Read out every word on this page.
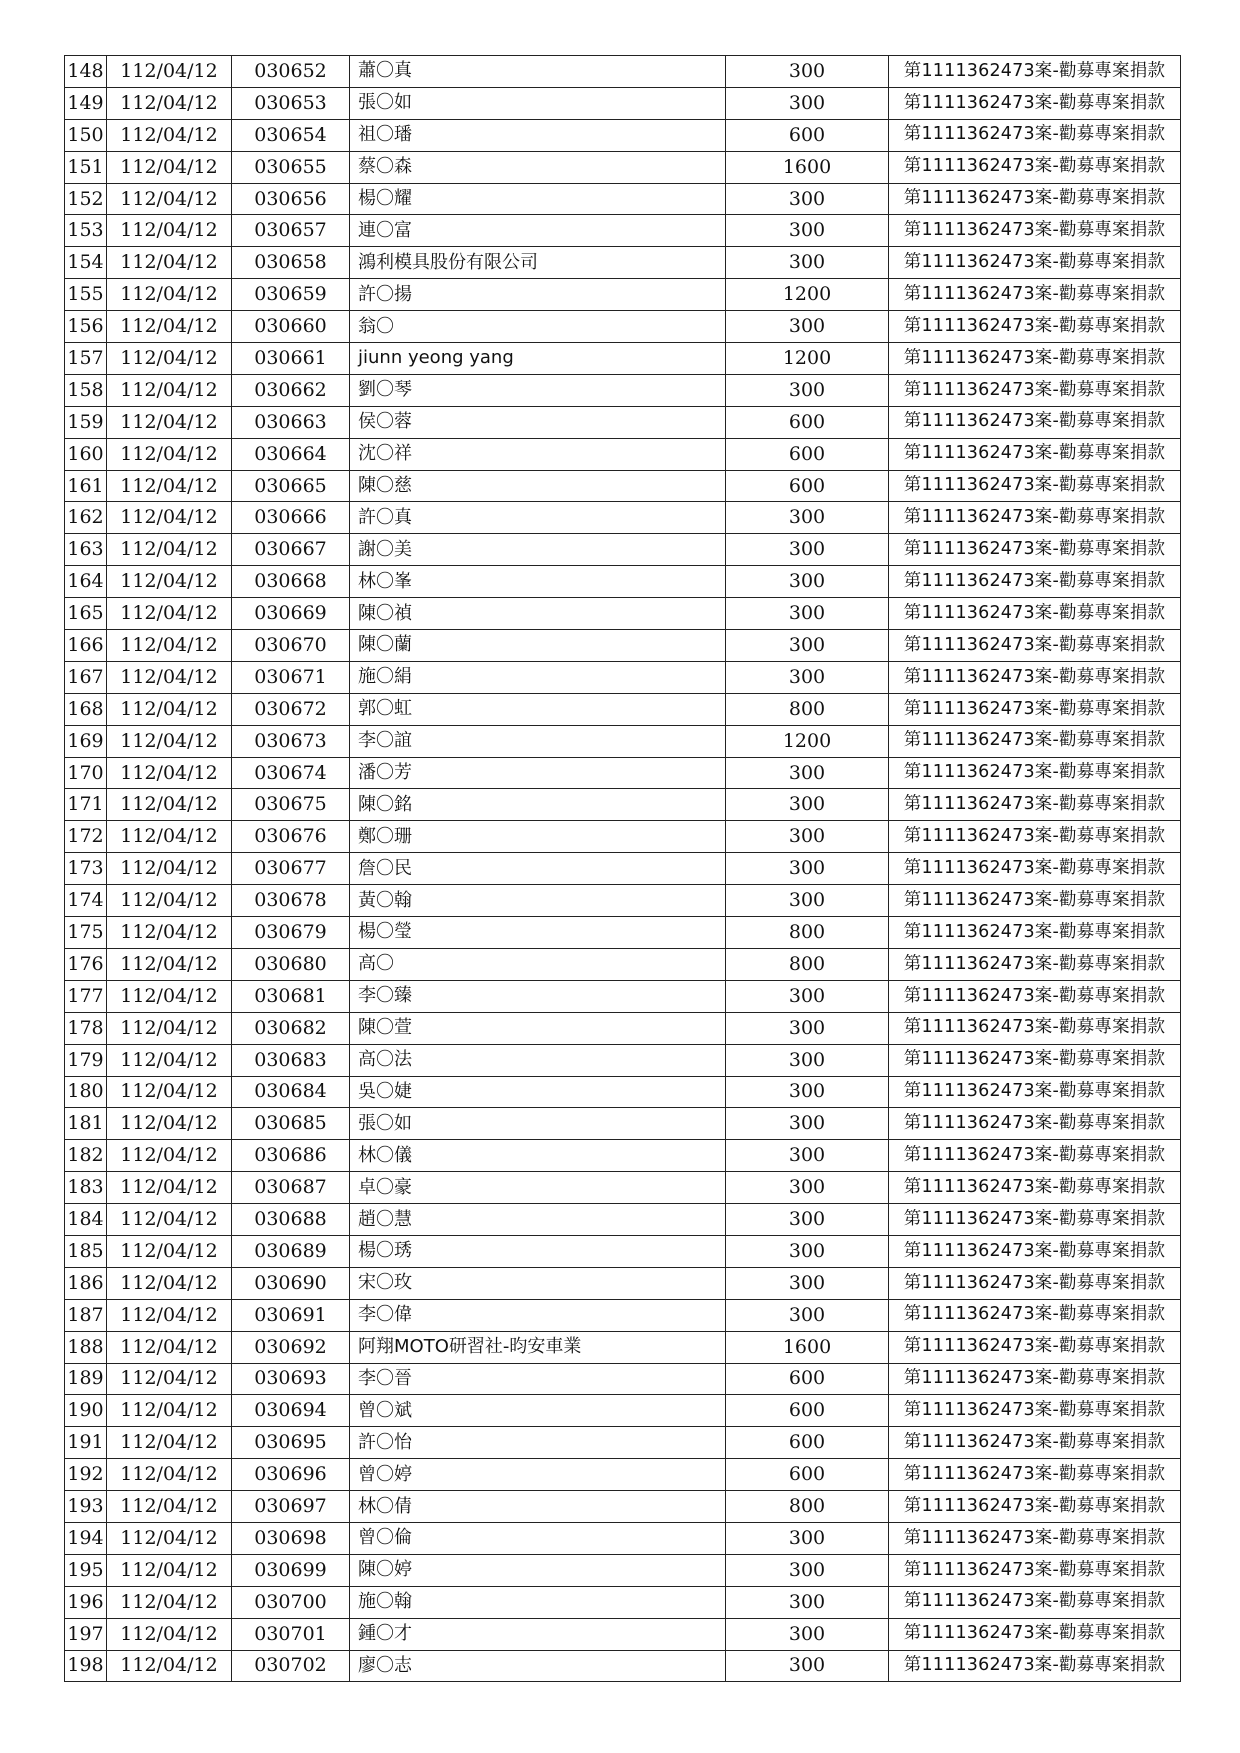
148	112/04/12	030652	蕭〇真	300	第1111362473案-勸募專案捐款
149	112/04/12	030653	張〇如	300	第1111362473案-勸募專案捐款
150	112/04/12	030654	祖〇璠	600	第1111362473案-勸募專案捐款
151	112/04/12	030655	蔡〇森	1600	第1111362473案-勸募專案捐款
152	112/04/12	030656	楊〇耀	300	第1111362473案-勸募專案捐款
153	112/04/12	030657	連〇富	300	第1111362473案-勸募專案捐款
154	112/04/12	030658	鴻利模具股份有限公司	300	第1111362473案-勸募專案捐款
155	112/04/12	030659	許〇揚	1200	第1111362473案-勸募專案捐款
156	112/04/12	030660	翁〇	300	第1111362473案-勸募專案捐款
157	112/04/12	030661	jiunn yeong yang	1200	第1111362473案-勸募專案捐款
158	112/04/12	030662	劉〇琴	300	第1111362473案-勸募專案捐款
159	112/04/12	030663	侯〇蓉	600	第1111362473案-勸募專案捐款
160	112/04/12	030664	沈〇祥	600	第1111362473案-勸募專案捐款
161	112/04/12	030665	陳〇慈	600	第1111362473案-勸募專案捐款
162	112/04/12	030666	許〇真	300	第1111362473案-勸募專案捐款
163	112/04/12	030667	謝〇美	300	第1111362473案-勸募專案捐款
164	112/04/12	030668	林〇峯	300	第1111362473案-勸募專案捐款
165	112/04/12	030669	陳〇禎	300	第1111362473案-勸募專案捐款
166	112/04/12	030670	陳〇蘭	300	第1111362473案-勸募專案捐款
167	112/04/12	030671	施〇絹	300	第1111362473案-勸募專案捐款
168	112/04/12	030672	郭〇虹	800	第1111362473案-勸募專案捐款
169	112/04/12	030673	李〇誼	1200	第1111362473案-勸募專案捐款
170	112/04/12	030674	潘〇芳	300	第1111362473案-勸募專案捐款
171	112/04/12	030675	陳〇銘	300	第1111362473案-勸募專案捐款
172	112/04/12	030676	鄭〇珊	300	第1111362473案-勸募專案捐款
173	112/04/12	030677	詹〇民	300	第1111362473案-勸募專案捐款
174	112/04/12	030678	黃〇翰	300	第1111362473案-勸募專案捐款
175	112/04/12	030679	楊〇瑩	800	第1111362473案-勸募專案捐款
176	112/04/12	030680	高〇	800	第1111362473案-勸募專案捐款
177	112/04/12	030681	李〇臻	300	第1111362473案-勸募專案捐款
178	112/04/12	030682	陳〇萱	300	第1111362473案-勸募專案捐款
179	112/04/12	030683	高〇法	300	第1111362473案-勸募專案捐款
180	112/04/12	030684	吳〇婕	300	第1111362473案-勸募專案捐款
181	112/04/12	030685	張〇如	300	第1111362473案-勸募專案捐款
182	112/04/12	030686	林〇儀	300	第1111362473案-勸募專案捐款
183	112/04/12	030687	卓〇豪	300	第1111362473案-勸募專案捐款
184	112/04/12	030688	趙〇慧	300	第1111362473案-勸募專案捐款
185	112/04/12	030689	楊〇琇	300	第1111362473案-勸募專案捐款
186	112/04/12	030690	宋〇玫	300	第1111362473案-勸募專案捐款
187	112/04/12	030691	李〇偉	300	第1111362473案-勸募專案捐款
188	112/04/12	030692	阿翔MOTO研習社-昀安車業	1600	第1111362473案-勸募專案捐款
189	112/04/12	030693	李〇晉	600	第1111362473案-勸募專案捐款
190	112/04/12	030694	曾〇斌	600	第1111362473案-勸募專案捐款
191	112/04/12	030695	許〇怡	600	第1111362473案-勸募專案捐款
192	112/04/12	030696	曾〇婷	600	第1111362473案-勸募專案捐款
193	112/04/12	030697	林〇倩	800	第1111362473案-勸募專案捐款
194	112/04/12	030698	曾〇倫	300	第1111362473案-勸募專案捐款
195	112/04/12	030699	陳〇婷	300	第1111362473案-勸募專案捐款
196	112/04/12	030700	施〇翰	300	第1111362473案-勸募專案捐款
197	112/04/12	030701	鍾〇才	300	第1111362473案-勸募專案捐款
198	112/04/12	030702	廖〇志	300	第1111362473案-勸募專案捐款
